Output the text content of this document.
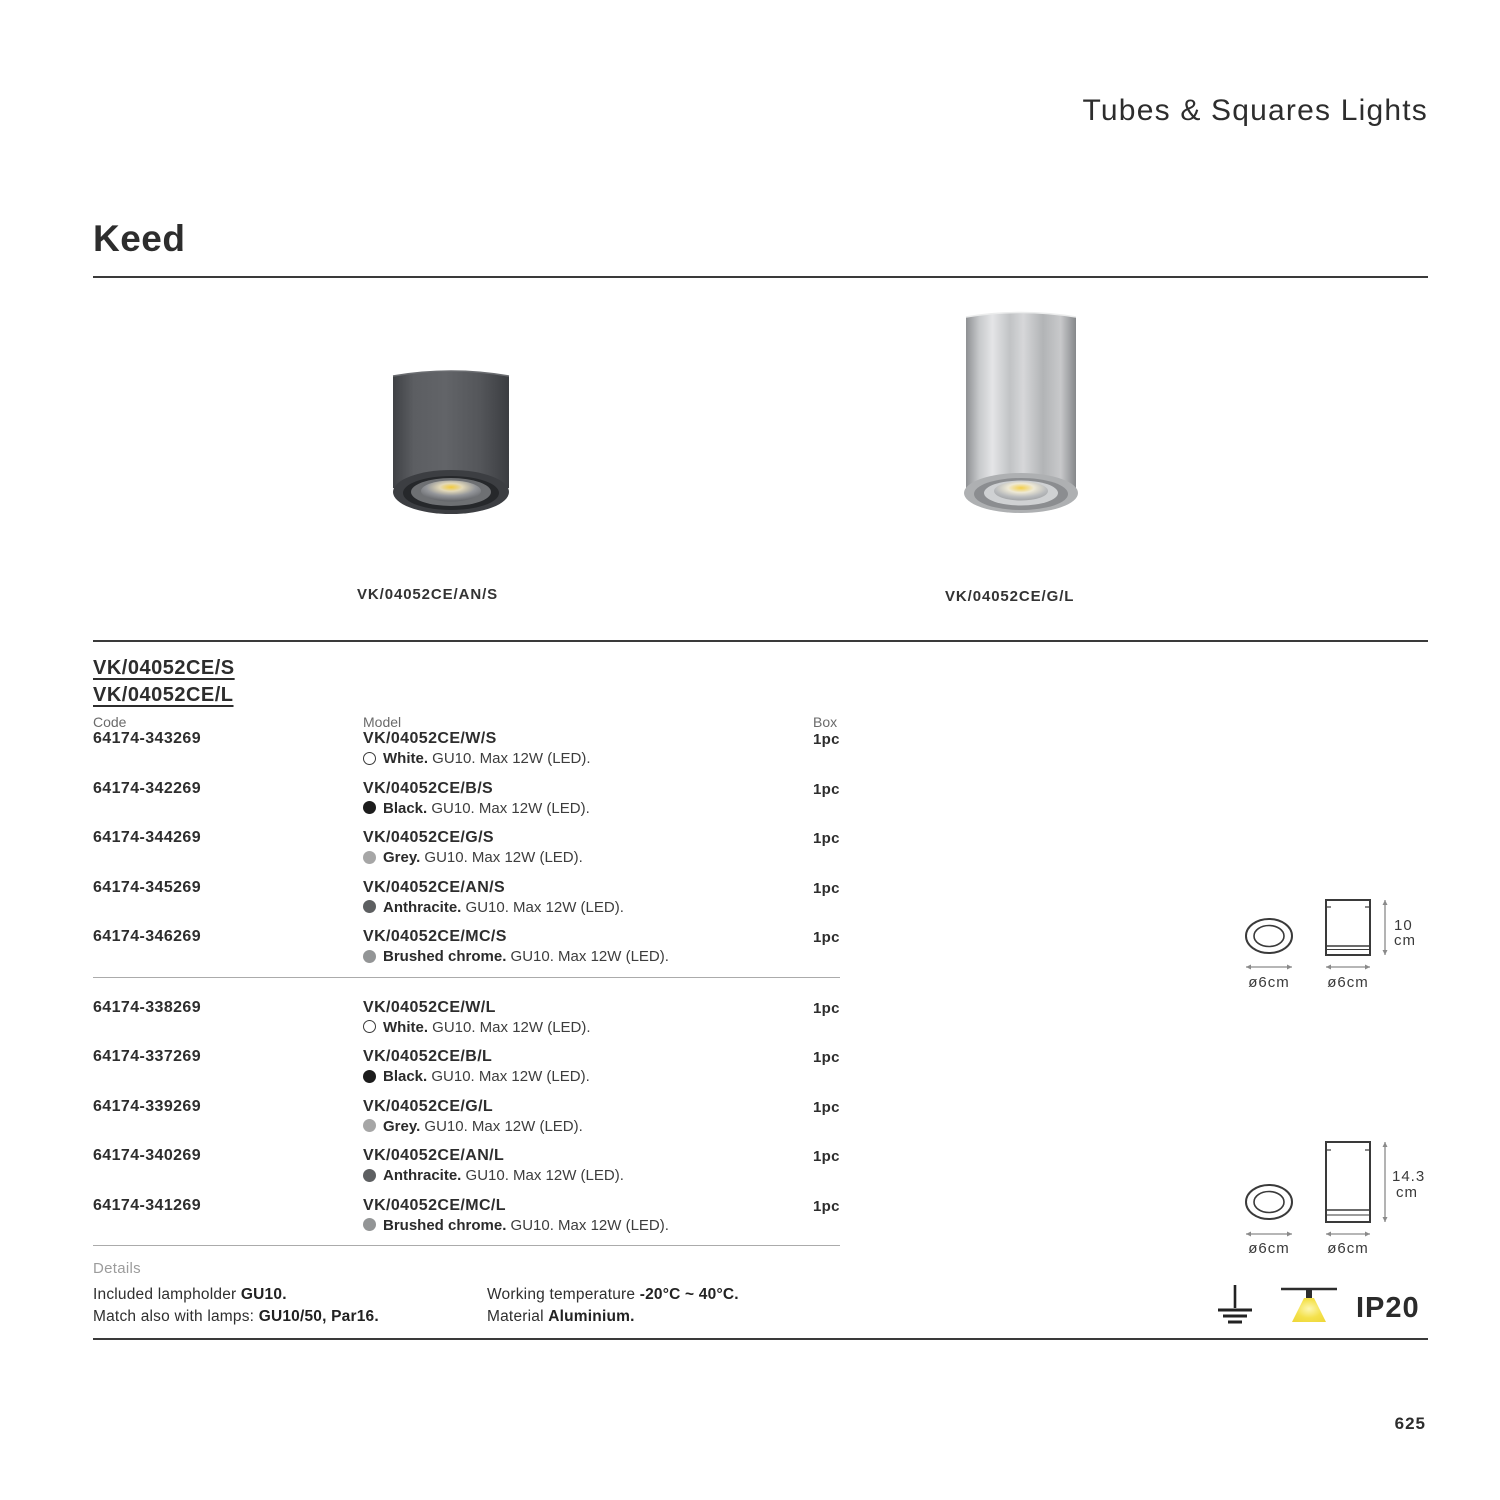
Tubes & Squares Lights
Keed
VK/04052CE/AN/S	VK/04052CE/G/L
VK/04052CE/S
VK/04052CE/L
Code	Model	Box
64174-343269	VK/04052CE/W/S	1pc
White. GU10. Max 12W (LED).
64174-342269	VK/04052CE/B/S	1pc
Black. GU10. Max 12W (LED).
64174-344269	VK/04052CE/G/S	1pc
Grey. GU10. Max 12W (LED).
64174-345269	VK/04052CE/AN/S	1pc
Anthracite. GU10. Max 12W (LED).
64174-346269	VK/04052CE/MC/S	1pc
Brushed chrome. GU10. Max 12W (LED).
64174-338269	VK/04052CE/W/L	1pc
White. GU10. Max 12W (LED).
64174-337269	VK/04052CE/B/L	1pc
Black. GU10. Max 12W (LED).
64174-339269	VK/04052CE/G/L	1pc
Grey. GU10. Max 12W (LED).
64174-340269	VK/04052CE/AN/L	1pc
Anthracite. GU10. Max 12W (LED).
64174-341269	VK/04052CE/MC/L	1pc
Brushed chrome. GU10. Max 12W (LED).
Details
Included lampholder GU10.
Match also with lamps: GU10/50, Par16.
Working temperature -20°C ~ 40°C.
Material Aluminium.
10
cm
ø6cm	ø6cm
14.3
cm
ø6cm	ø6cm
IP20
625
